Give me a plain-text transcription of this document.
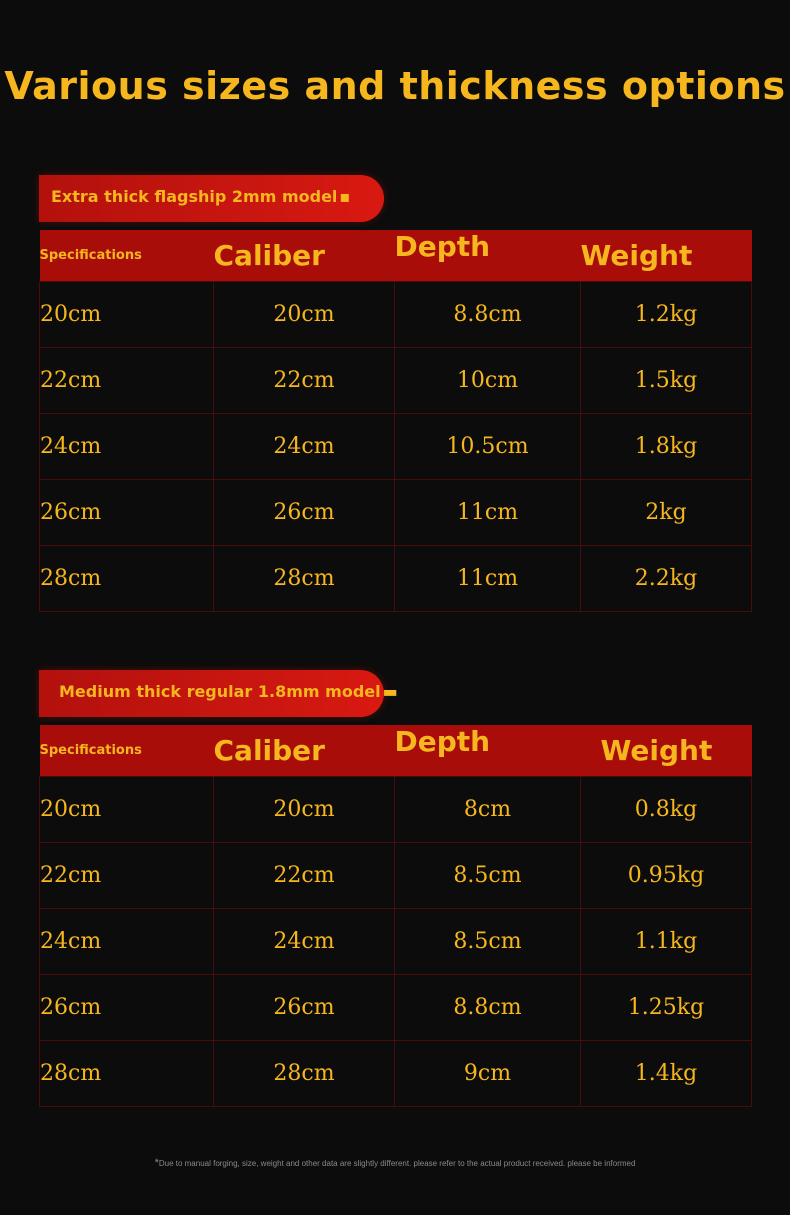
Various sizes and thickness options
Extra thick flagship 2mm model ▪
Specifications	Caliber	Depth	Weight
20cm	20cm	8.8cm	1.2kg
22cm	22cm	10cm	1.5kg
24cm	24cm	10.5cm	1.8kg
26cm	26cm	11cm	2kg
28cm	28cm	11cm	2.2kg
Medium thick regular 1.8mm model ▬
Specifications	Caliber	Depth	Weight
20cm	20cm	8cm	0.8kg
22cm	22cm	8.5cm	0.95kg
24cm	24cm	8.5cm	1.1kg
26cm	26cm	8.8cm	1.25kg
28cm	28cm	9cm	1.4kg
*Due to manual forging, size, weight and other data are slightly different. please refer to the actual product received. please be informed
